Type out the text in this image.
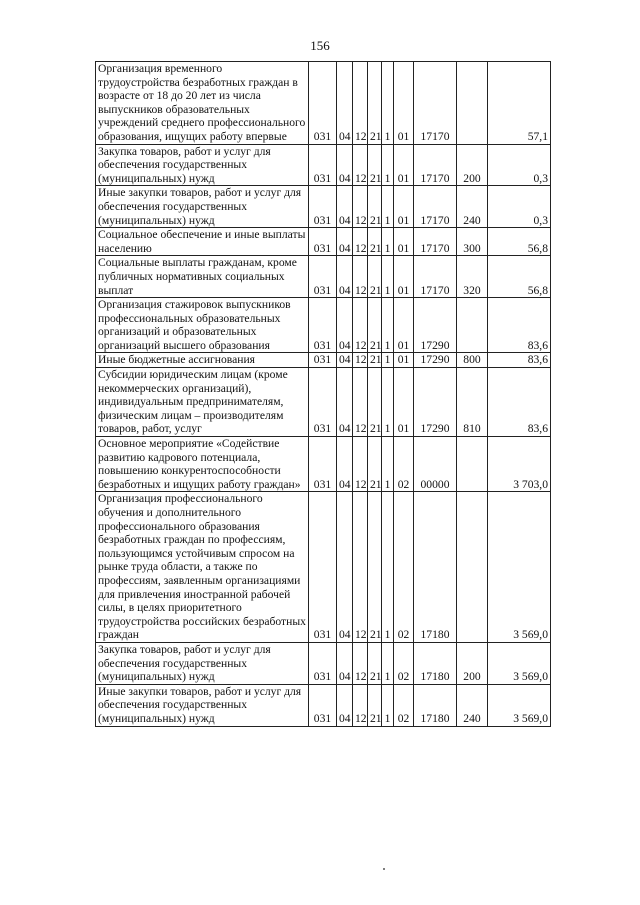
156
Организация временного трудоустройства безработных граждан в возрасте от 18 до 20 лет из числа выпускников образовательных учреждений среднего профессионального образования, ищущих работу впервые	031	04	12	21	1	01	17170		57,1
Закупка товаров, работ и услуг для обеспечения государственных (муниципальных) нужд	031	04	12	21	1	01	17170	200	0,3
Иные закупки товаров, работ и услуг для обеспечения государственных (муниципальных) нужд	031	04	12	21	1	01	17170	240	0,3
Социальное обеспечение и иные выплаты населению	031	04	12	21	1	01	17170	300	56,8
Социальные выплаты гражданам, кроме публичных нормативных социальных выплат	031	04	12	21	1	01	17170	320	56,8
Организация стажировок выпускников профессиональных образовательных организаций и образовательных организаций высшего образования	031	04	12	21	1	01	17290		83,6
Иные бюджетные ассигнования	031	04	12	21	1	01	17290	800	83,6
Субсидии юридическим лицам (кроме некоммерческих организаций), индивидуальным предпринимателям, физическим лицам – производителям товаров, работ, услуг	031	04	12	21	1	01	17290	810	83,6
Основное мероприятие «Содействие развитию кадрового потенциала, повышению конкурентоспособности безработных и ищущих работу граждан»	031	04	12	21	1	02	00000		3 703,0
Организация профессионального обучения и дополнительного профессионального образования безработных граждан по профессиям, пользующимся устойчивым спросом на рынке труда области, а также по профессиям, заявленным организациями для привлечения иностранной рабочей силы, в целях приоритетного трудоустройства российских безработных граждан	031	04	12	21	1	02	17180		3 569,0
Закупка товаров, работ и услуг для обеспечения государственных (муниципальных) нужд	031	04	12	21	1	02	17180	200	3 569,0
Иные закупки товаров, работ и услуг для обеспечения государственных (муниципальных) нужд	031	04	12	21	1	02	17180	240	3 569,0
